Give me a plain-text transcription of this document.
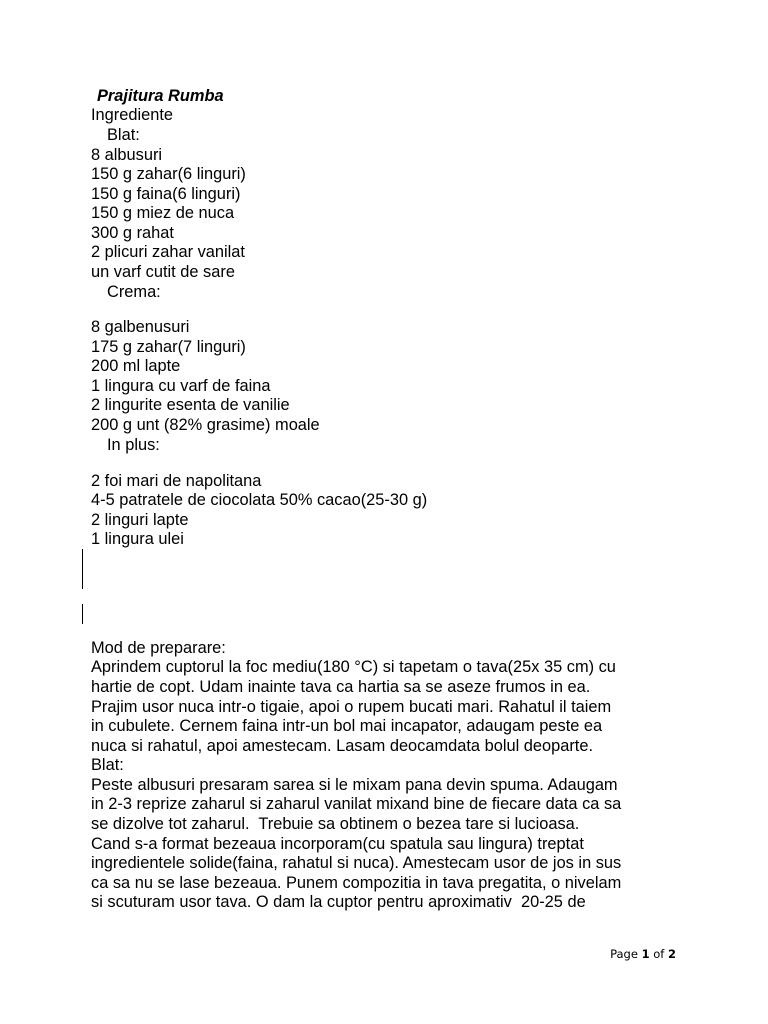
Prajitura Rumba

Ingrediente

Blat:

8 albusuri

150 g zahar(6 linguri)

150 g faina(6 linguri)

150 g miez de nuca

300 g rahat

2 plicuri zahar vanilat

un varf cutit de sare

Crema:

8 galbenusuri

175 g zahar(7 linguri)

200 ml lapte

1 lingura cu varf de faina

2 lingurite esenta de vanilie

200 g unt (82% grasime) moale

In plus:

2 foi mari de napolitana

4-5 patratele de ciocolata 50% cacao(25-30 g)

2 linguri lapte

1 lingura ulei

Mod de preparare:

Aprindem cuptorul la foc mediu(180 °C) si tapetam o tava(25x 35 cm) cu

hartie de copt. Udam inainte tava ca hartia sa se aseze frumos in ea.

Prajim usor nuca intr-o tigaie, apoi o rupem bucati mari. Rahatul il taiem

in cubulete. Cernem faina intr-un bol mai incapator, adaugam peste ea

nuca si rahatul, apoi amestecam. Lasam deocamdata bolul deoparte.

Blat:

Peste albusuri presaram sarea si le mixam pana devin spuma. Adaugam

in 2-3 reprize zaharul si zaharul vanilat mixand bine de fiecare data ca sa

se dizolve tot zaharul.  Trebuie sa obtinem o bezea tare si lucioasa.

Cand s-a format bezeaua incorporam(cu spatula sau lingura) treptat

ingredientele solide(faina, rahatul si nuca). Amestecam usor de jos in sus

ca sa nu se lase bezeaua. Punem compozitia in tava pregatita, o nivelam

si scuturam usor tava. O dam la cuptor pentru aproximativ  20-25 de

Page 1 of 2
